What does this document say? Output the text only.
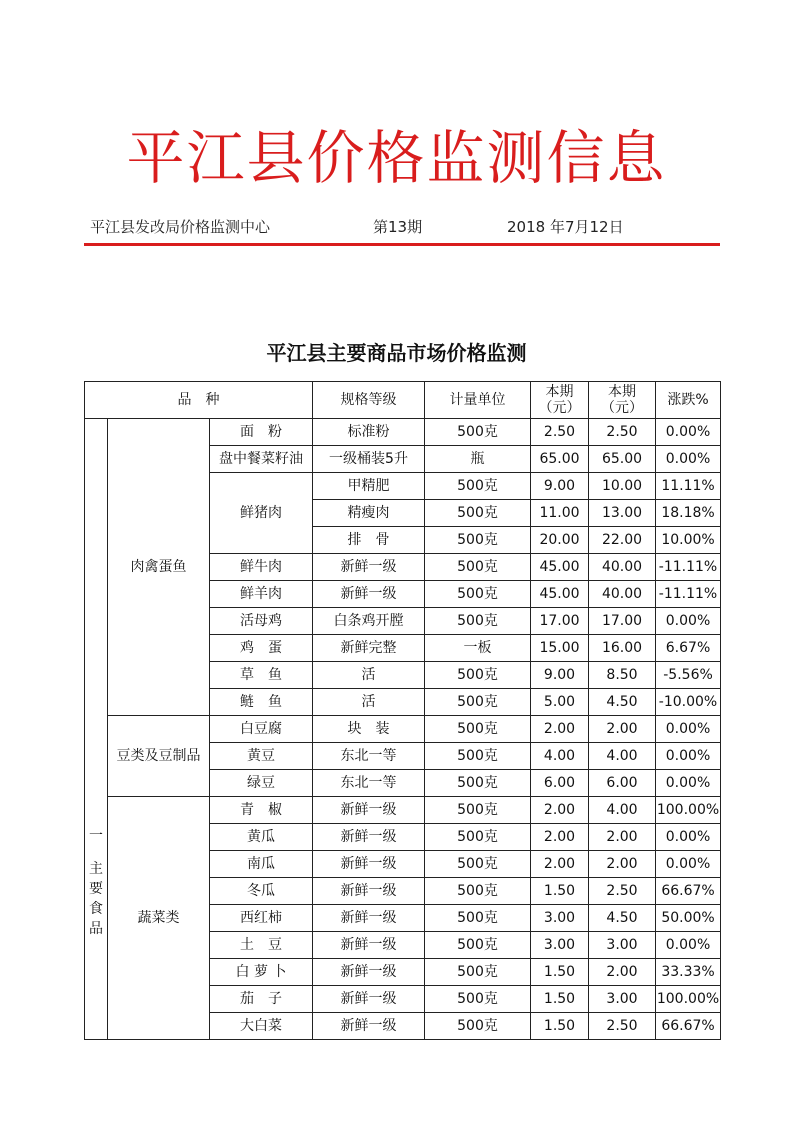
平江县价格监测信息
平江县发改局价格监测中心	第13期	2018 年7月12日
平江县主要商品市场价格监测
品　种			规格等级	计量单位	本期 （元）	本期 （元）	涨跌%

一
主要食品	肉禽蛋鱼	面　粉	标准粉	500克	2.50	2.50	0.00%
		盘中餐菜籽油	一级桶装5升	瓶	65.00	65.00	0.00%
		鲜猪肉	甲精肥	500克	9.00	10.00	11.11%
			精瘦肉	500克	11.00	13.00	18.18%
			排　骨	500克	20.00	22.00	10.00%
		鲜牛肉	新鲜一级	500克	45.00	40.00	-11.11%
		鲜羊肉	新鲜一级	500克	45.00	40.00	-11.11%
		活母鸡	白条鸡开膛	500克	17.00	17.00	0.00%
		鸡　蛋	新鲜完整	一板	15.00	16.00	6.67%
		草　鱼	活	500克	9.00	8.50	-5.56%
		鲢　鱼	活	500克	5.00	4.50	-10.00%
	豆类及豆制品	白豆腐	块　装	500克	2.00	2.00	0.00%
		黄豆	东北一等	500克	4.00	4.00	0.00%
		绿豆	东北一等	500克	6.00	6.00	0.00%
	蔬菜类	青　椒	新鲜一级	500克	2.00	4.00	100.00%
		黄瓜	新鲜一级	500克	2.00	2.00	0.00%
		南瓜	新鲜一级	500克	2.00	2.00	0.00%
		冬瓜	新鲜一级	500克	1.50	2.50	66.67%
		西红柿	新鲜一级	500克	3.00	4.50	50.00%
		土　豆	新鲜一级	500克	3.00	3.00	0.00%
		白 萝 卜	新鲜一级	500克	1.50	2.00	33.33%
		茄　子	新鲜一级	500克	1.50	3.00	100.00%
		大白菜	新鲜一级	500克	1.50	2.50	66.67%
